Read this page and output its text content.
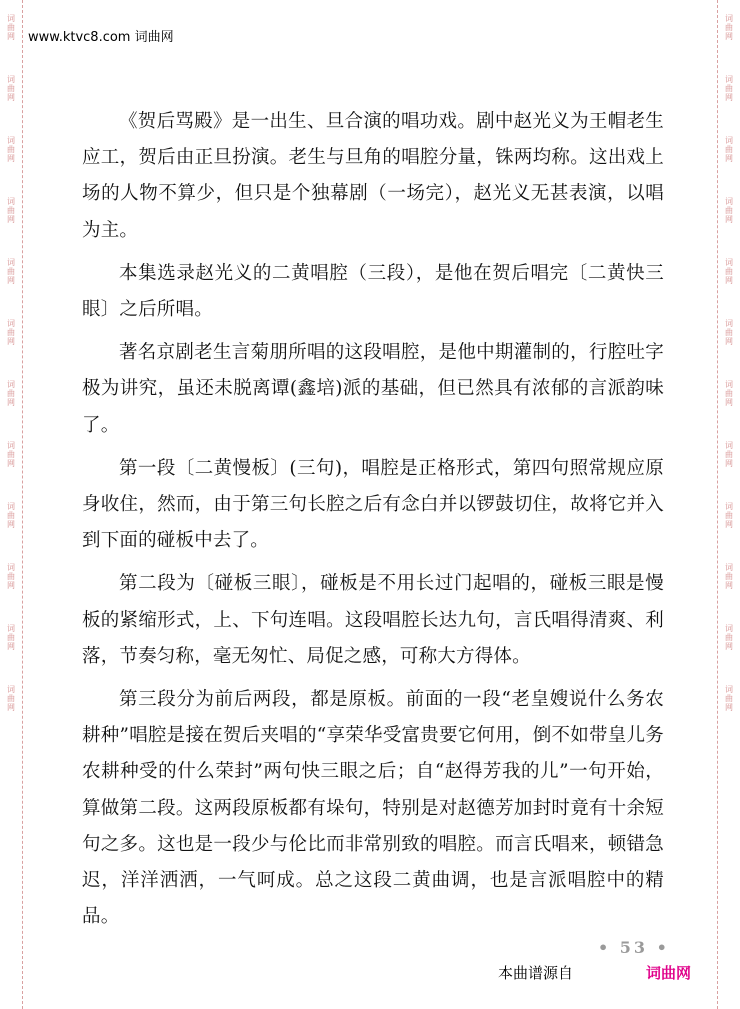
词曲网
词曲网
词曲网
词曲网
词曲网
词曲网
词曲网
词曲网
词曲网
词曲网
词曲网
词曲网
词曲网
词曲网
词曲网
词曲网
词曲网
词曲网
词曲网
词曲网
词曲网
词曲网
词曲网
词曲网
www.ktvc8.com 词曲网

《贺后骂殿》是一出生、旦合演的唱功戏。剧中赵光义为王帽老生应工，贺后由正旦扮演。老生与旦角的唱腔分量，铢两均称。这出戏上场的人物不算少，但只是个独幕剧（一场完），赵光义无甚表演，以唱为主。

本集选录赵光义的二黄唱腔（三段），是他在贺后唱完〔二黄快三眼〕之后所唱。

著名京剧老生言菊朋所唱的这段唱腔，是他中期灌制的，行腔吐字极为讲究，虽还未脱离谭(鑫培)派的基础，但已然具有浓郁的言派韵味了。

第一段〔二黄慢板〕(三句)，唱腔是正格形式，第四句照常规应原身收住，然而，由于第三句长腔之后有念白并以锣鼓切住，故将它并入到下面的碰板中去了。

第二段为〔碰板三眼〕，碰板是不用长过门起唱的，碰板三眼是慢板的紧缩形式，上、下句连唱。这段唱腔长达九句，言氏唱得清爽、利落，节奏匀称，毫无匆忙、局促之感，可称大方得体。

第三段分为前后两段，都是原板。前面的一段“老皇嫂说什么务农耕种”唱腔是接在贺后夹唱的“享荣华受富贵要它何用，倒不如带皇儿务农耕种受的什么荣封”两句快三眼之后；自“赵得芳我的儿”一句开始，算做第二段。这两段原板都有垛句，特别是对赵德芳加封时竟有十余短句之多。这也是一段少与伦比而非常别致的唱腔。而言氏唱来，顿错急迟，洋洋洒洒，一气呵成。总之这段二黄曲调，也是言派唱腔中的精品。

• 53 •
本曲谱源自	词曲网
